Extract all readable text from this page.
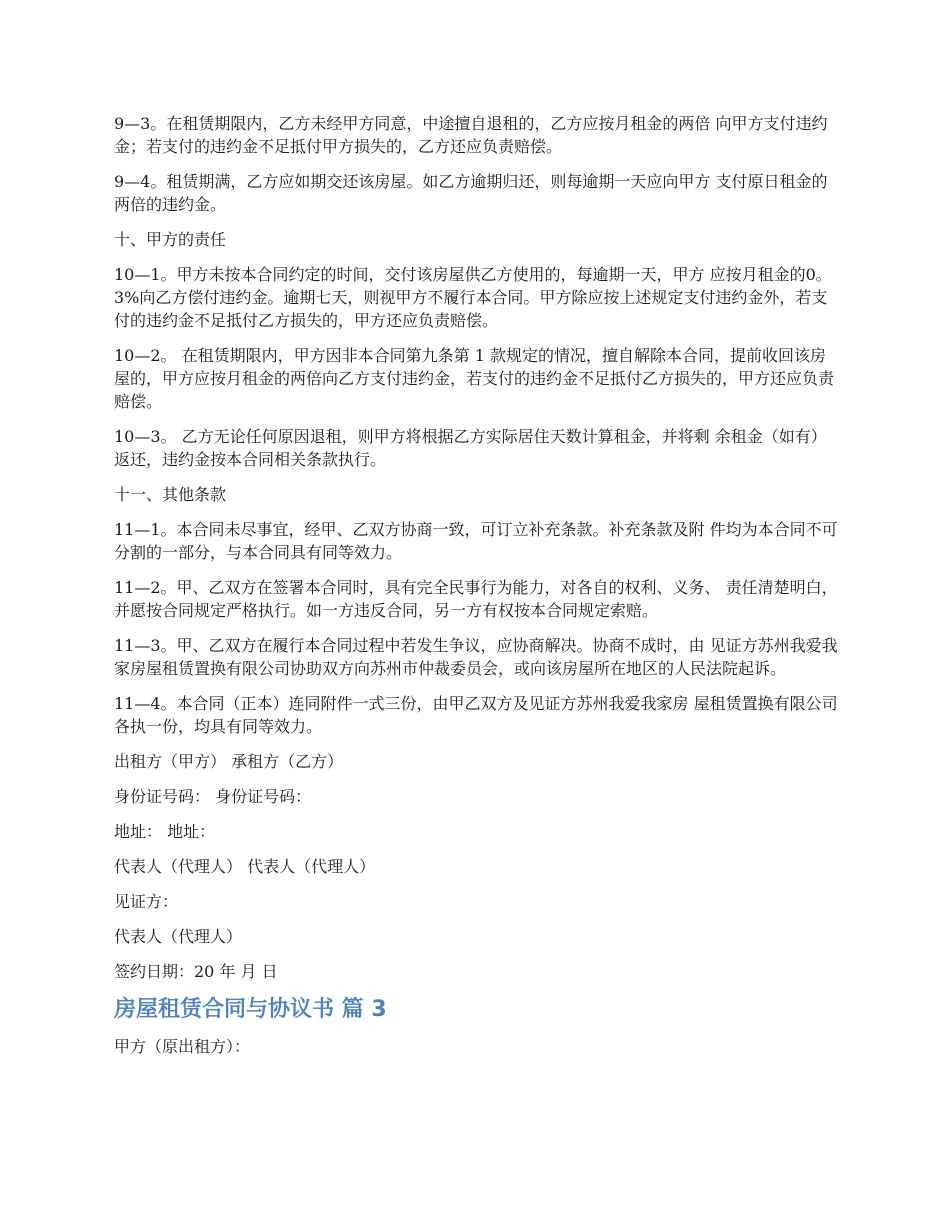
9—3。在租赁期限内，乙方未经甲方同意，中途擅自退租的，乙方应按月租金的两倍 向甲方支付违约金；若支付的违约金不足抵付甲方损失的，乙方还应负责赔偿。

9—4。租赁期满，乙方应如期交还该房屋。如乙方逾期归还，则每逾期一天应向甲方 支付原日租金的两倍的违约金。

十、甲方的责任

10—1。甲方未按本合同约定的时间，交付该房屋供乙方使用的，每逾期一天，甲方 应按月租金的0。3%向乙方偿付违约金。逾期七天，则视甲方不履行本合同。甲方除应按上述规定支付违约金外，若支付的违约金不足抵付乙方损失的，甲方还应负责赔偿。

10—2。 在租赁期限内，甲方因非本合同第九条第 1 款规定的情况，擅自解除本合同，提前收回该房屋的，甲方应按月租金的两倍向乙方支付违约金，若支付的违约金不足抵付乙方损失的，甲方还应负责赔偿。

10—3。 乙方无论任何原因退租，则甲方将根据乙方实际居住天数计算租金，并将剩 余租金（如有）返还，违约金按本合同相关条款执行。

十一、其他条款

11—1。本合同未尽事宜，经甲、乙双方协商一致，可订立补充条款。补充条款及附 件均为本合同不可分割的一部分，与本合同具有同等效力。

11—2。甲、乙双方在签署本合同时，具有完全民事行为能力，对各自的权利、义务、 责任清楚明白，并愿按合同规定严格执行。如一方违反合同，另一方有权按本合同规定索赔。

11—3。甲、乙双方在履行本合同过程中若发生争议，应协商解决。协商不成时，由 见证方苏州我爱我家房屋租赁置换有限公司协助双方向苏州市仲裁委员会，或向该房屋所在地区的人民法院起诉。

11—4。本合同（正本）连同附件一式三份，由甲乙双方及见证方苏州我爱我家房 屋租赁置换有限公司各执一份，均具有同等效力。

出租方（甲方） 承租方（乙方）

身份证号码： 身份证号码：

地址： 地址：

代表人（代理人） 代表人（代理人）

见证方：

代表人（代理人）

签约日期：20 年 月 日

房屋租赁合同与协议书 篇 3

甲方（原出租方）：
